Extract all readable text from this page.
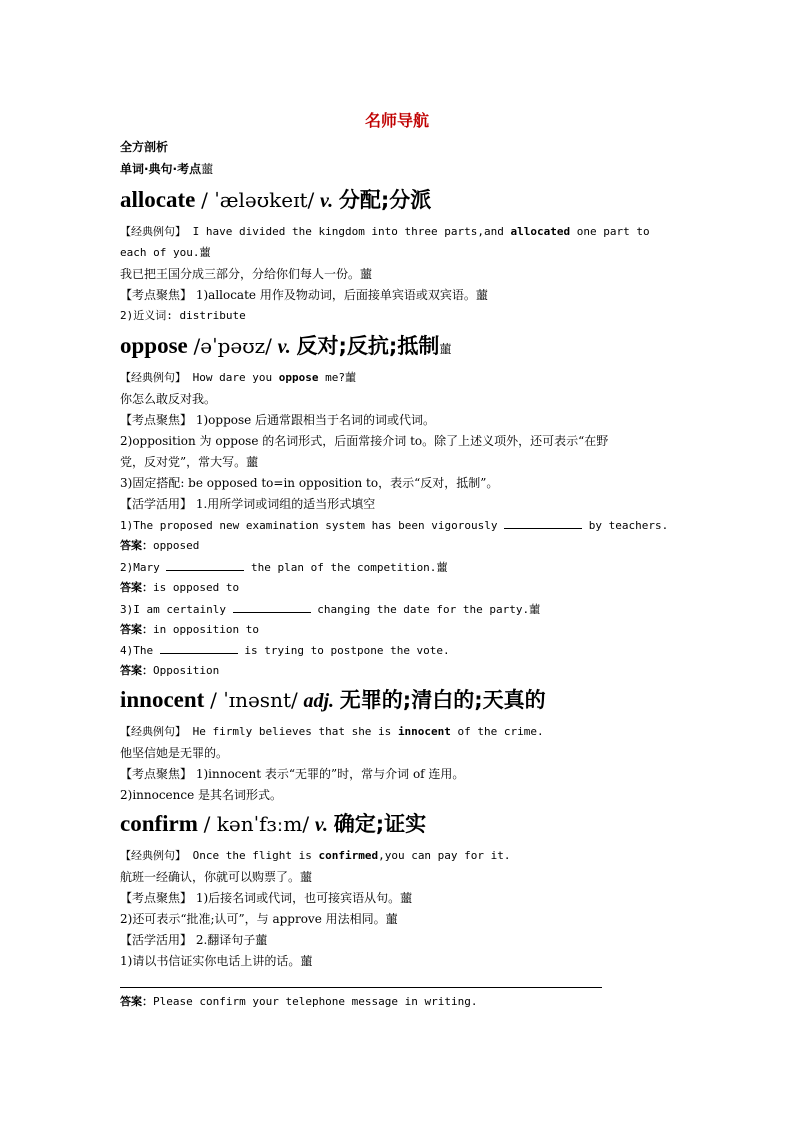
名师导航
全方剖析
单词·典句·考点蘁
allocate / ˈæləʊkeɪt/ v. 分配;分派
【经典例句】 I have divided the kingdom into three parts,and allocated one part to
each of you.蘁
我已把王国分成三部分，分给你们每人一份。蘁
【考点聚焦】 1)allocate 用作及物动词，后面接单宾语或双宾语。蘁
2)近义词: distribute
oppose /əˈpəʊz/ v. 反对;反抗;抵制蘁
【经典例句】 How dare you oppose me?蘁
你怎么敢反对我。
【考点聚焦】 1)oppose 后通常跟相当于名词的词或代词。
2)opposition 为 oppose 的名词形式，后面常接介词 to。除了上述义项外，还可表示“在野
党，反对党”，常大写。蘁
3)固定搭配: be opposed to=in opposition to，表示“反对，抵制”。
【活学活用】 1.用所学词或词组的适当形式填空
1)The proposed new examination system has been vigorously	by teachers.
答案：opposed
2)Mary	the plan of the competition.蘁
答案：is opposed to
3)I am certainly	changing the date for the party.蘁
答案：in opposition to
4)The	is trying to postpone the vote.
答案：Opposition
innocent / ˈɪnəsnt/ adj. 无罪的;清白的;天真的
【经典例句】 He firmly believes that she is innocent of the crime.
他坚信她是无罪的。
【考点聚焦】 1)innocent 表示“无罪的”时，常与介词 of 连用。
2)innocence 是其名词形式。
confirm / kənˈfɜːm/ v. 确定;证实
【经典例句】 Once the flight is confirmed,you can pay for it.
航班一经确认，你就可以购票了。蘁
【考点聚焦】 1)后接名词或代词，也可接宾语从句。蘁
2)还可表示“批准;认可”，与 approve 用法相同。蘁
【活学活用】 2.翻译句子蘁
1)请以书信证实你电话上讲的话。蘁
答案：Please confirm your telephone message in writing.
